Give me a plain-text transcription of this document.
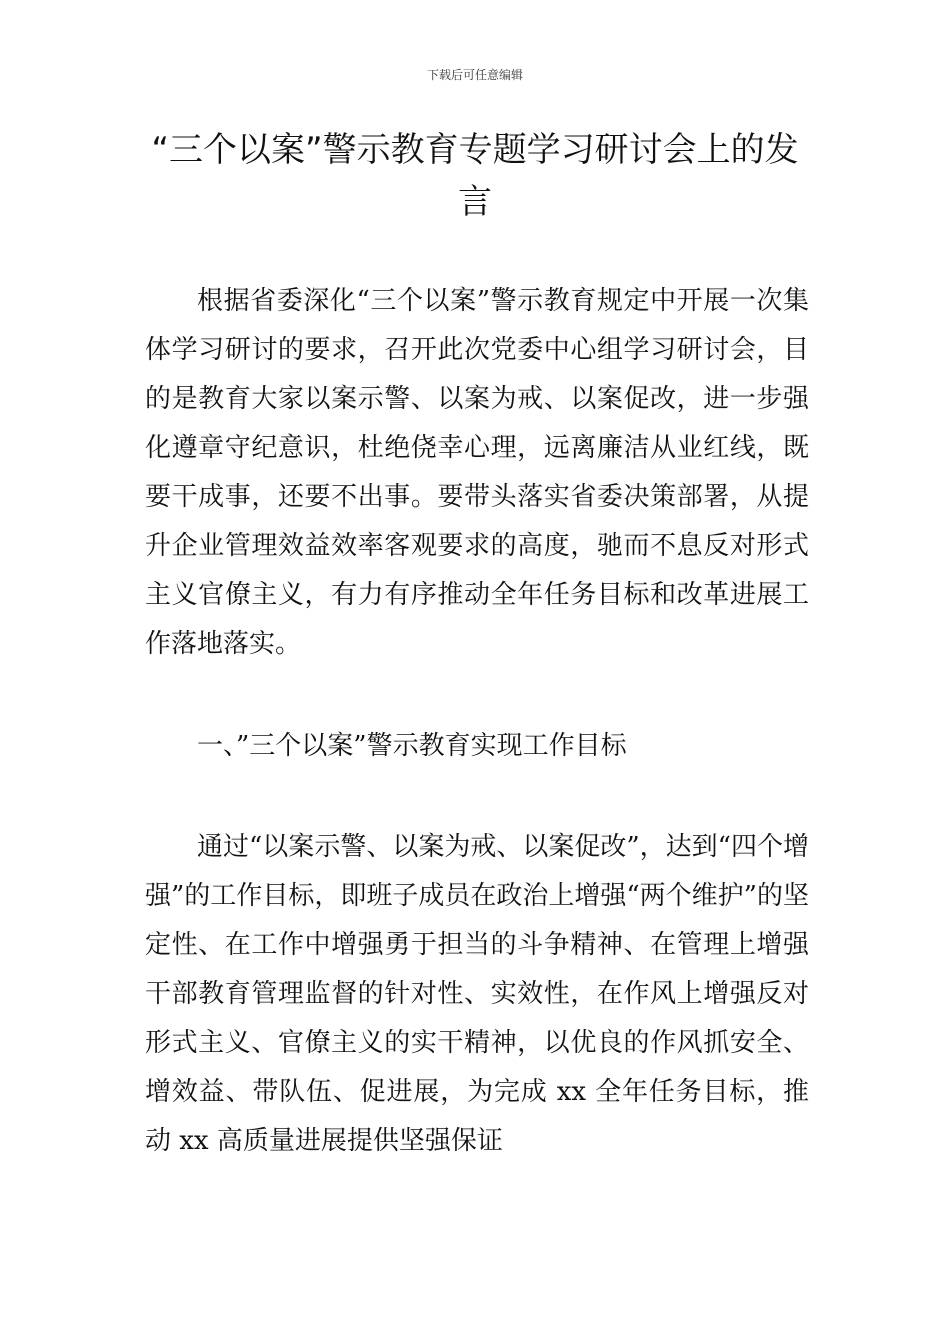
下载后可任意编辑
“三个以案”警示教育专题学习研讨会上的发言

根据省委深化“三个以案”警示教育规定中开展一次集体学习研讨的要求，召开此次党委中心组学习研讨会，目的是教育大家以案示警、以案为戒、以案促改，进一步强化遵章守纪意识，杜绝侥幸心理，远离廉洁从业红线，既要干成事，还要不出事。要带头落实省委决策部署，从提升企业管理效益效率客观要求的高度，驰而不息反对形式主义官僚主义，有力有序推动全年任务目标和改革进展工作落地落实。

一、”三个以案”警示教育实现工作目标

通过“以案示警、以案为戒、以案促改”，达到“四个增强”的工作目标，即班子成员在政治上增强“两个维护”的坚定性、在工作中增强勇于担当的斗争精神、在管理上增强干部教育管理监督的针对性、实效性，在作风上增强反对形式主义、官僚主义的实干精神，以优良的作风抓安全、增效益、带队伍、促进展，为完成 xx 全年任务目标，推动 xx 高质量进展提供坚强保证
